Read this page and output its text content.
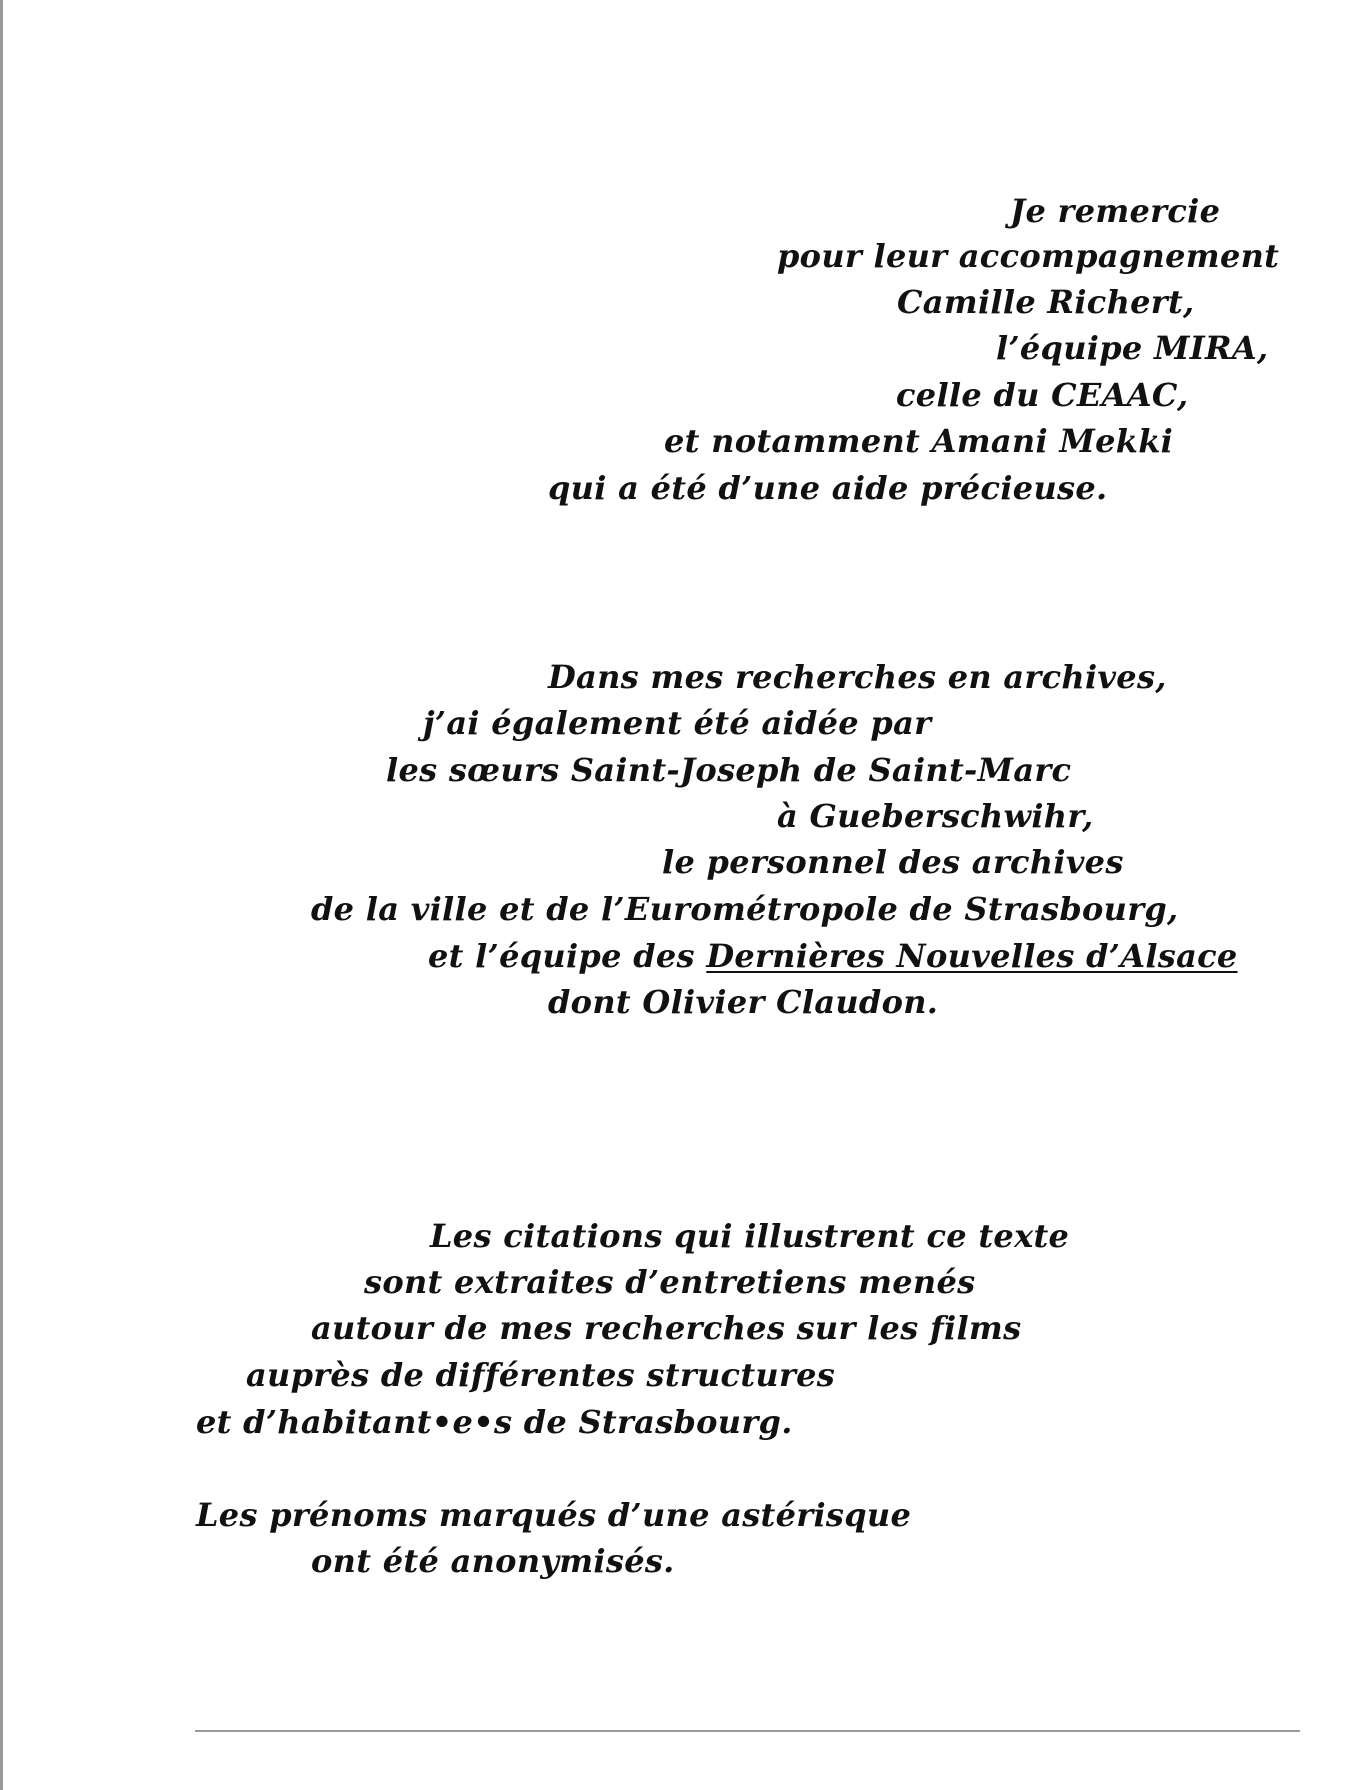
Je remercie

pour leur accompagnement

Camille Richert,

l’équipe MIRA,

celle du CEAAC,

et notamment Amani Mekki

qui a été d’une aide précieuse.

Dans mes recherches en archives,

j’ai également été aidée par

les sœurs Saint-Joseph de Saint-Marc

à Gueberschwihr,

le personnel des archives

de la ville et de l’Eurométropole de Strasbourg,

et l’équipe des Dernières Nouvelles d’Alsace

dont Olivier Claudon.

Les citations qui illustrent ce texte

sont extraites d’entretiens menés

autour de mes recherches sur les films

auprès de différentes structures

et d’habitant•e•s de Strasbourg.

Les prénoms marqués d’une astérisque

ont été anonymisés.
